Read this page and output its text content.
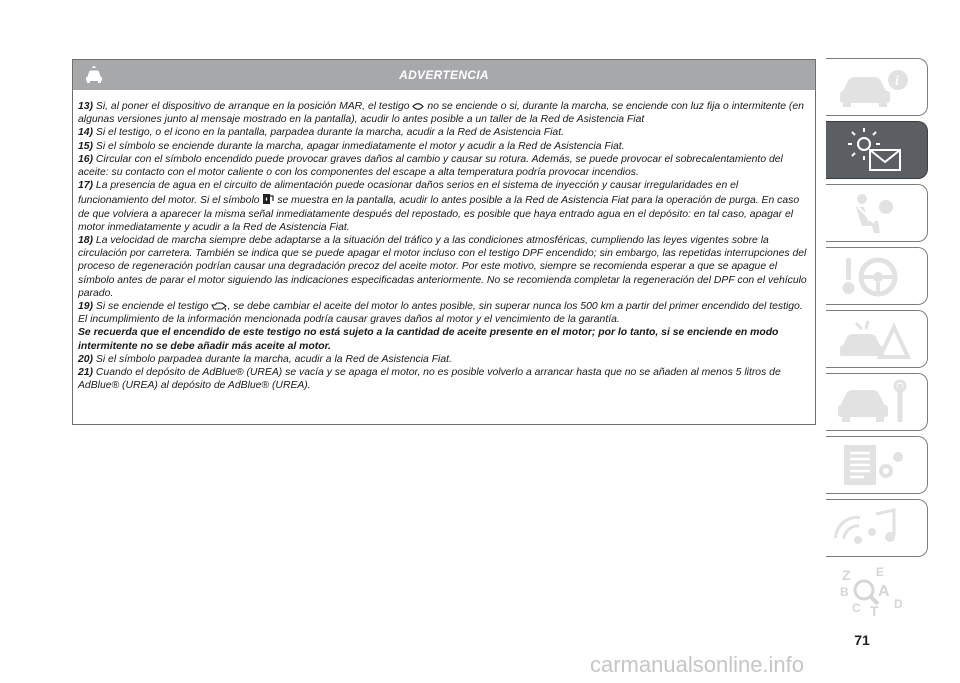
ADVERTENCIA

13) Si, al poner el dispositivo de arranque en la posición MAR, el testigo  no se enciende o si, durante la marcha, se enciende con luz fija o intermitente (en algunas versiones junto al mensaje mostrado en la pantalla), acudir lo antes posible a un taller de la Red de Asistencia Fiat

14) Si el testigo, o el icono en la pantalla, parpadea durante la marcha, acudir a la Red de Asistencia Fiat.

15) Si el símbolo se enciende durante la marcha, apagar inmediatamente el motor y acudir a la Red de Asistencia Fiat.

16) Circular con el símbolo encendido puede provocar graves daños al cambio y causar su rotura. Además, se puede provocar el sobrecalentamiento del aceite: su contacto con el motor caliente o con los componentes del escape a alta temperatura podría provocar incendios.

17) La presencia de agua en el circuito de alimentación puede ocasionar daños serios en el sistema de inyección y causar irregularidades en el funcionamiento del motor. Si el símbolo  se muestra en la pantalla, acudir lo antes posible a la Red de Asistencia Fiat para la operación de purga. En caso de que volviera a aparecer la misma señal inmediatamente después del repostado, es posible que haya entrado agua en el depósito: en tal caso, apagar el motor inmediatamente y acudir a la Red de Asistencia Fiat.

18) La velocidad de marcha siempre debe adaptarse a la situación del tráfico y a las condiciones atmosféricas, cumpliendo las leyes vigentes sobre la circulación por carretera. También se indica que se puede apagar el motor incluso con el testigo DPF encendido; sin embargo, las repetidas interrupciones del proceso de regeneración podrían causar una degradación precoz del aceite motor. Por este motivo, siempre se recomienda esperar a que se apague el símbolo antes de parar el motor siguiendo las indicaciones especificadas anteriormente. No se recomienda completar la regeneración del DPF con el vehículo parado.

19) Si se enciende el testigo , se debe cambiar el aceite del motor lo antes posible, sin superar nunca los 500 km a partir del primer encendido del testigo. El incumplimiento de la información mencionada podría causar graves daños al motor y el vencimiento de la garantía.
Se recuerda que el encendido de este testigo no está sujeto a la cantidad de aceite presente en el motor; por lo tanto, si se enciende en modo intermitente no se debe añadir más aceite al motor.

20) Si el símbolo parpadea durante la marcha, acudir a la Red de Asistencia Fiat.

21) Cuando el depósito de AdBlue® (UREA) se vacía y se apaga el motor, no es posible volverlo a arrancar hasta que no se añaden al menos 5 litros de AdBlue® (UREA) al depósito de AdBlue® (UREA).

i
Z E
B A
C T D
71
carmanualsonline.info
